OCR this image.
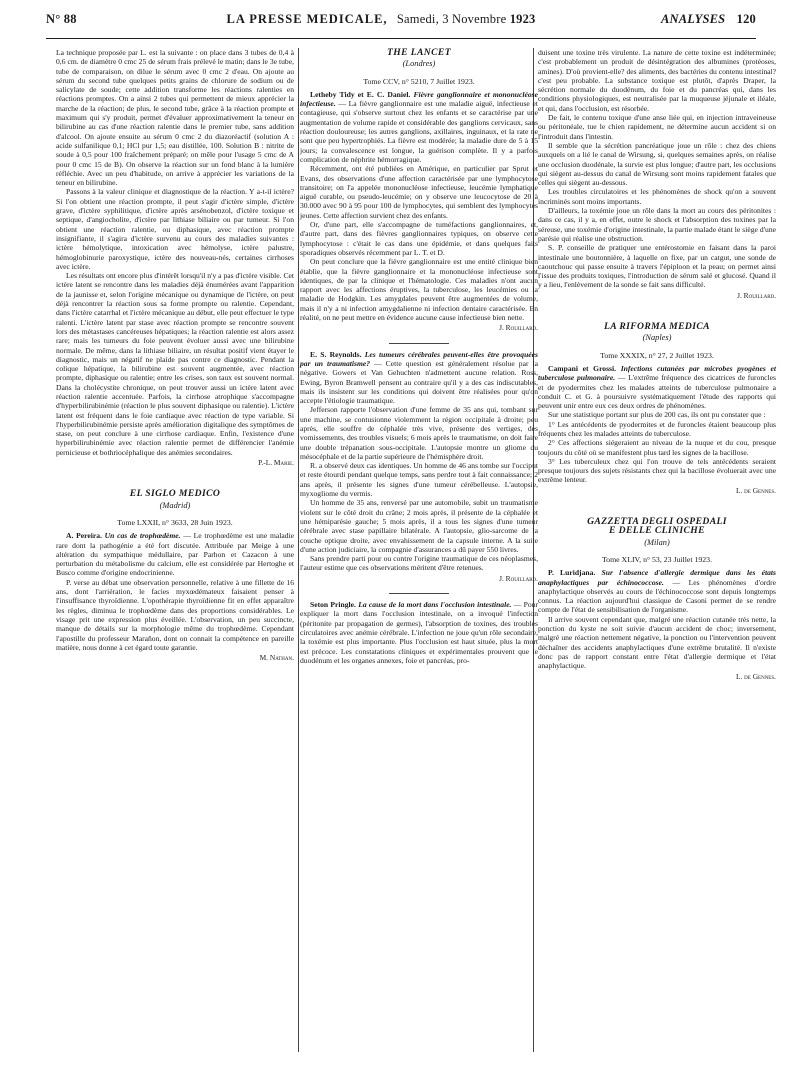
N° 88	LA PRESSE MEDICALE, Samedi, 3 Novembre 1923	ANALYSES 120

La technique proposée par L. est la suivante : on place dans 3 tubes de 0,4 à 0,6 cm. de diamètre 0 cmc 25 de sérum frais prélevé le matin; dans le 3e tube, tube de comparaison, on dilue le sérum avec 0 cmc 2 d'eau. On ajoute au sérum du second tube quelques petits grains de chlorure de sodium ou de salicylate de soude; cette addition transforme les réactions ralenties en réactions promptes. On a ainsi 2 tubes qui permettent de mieux apprécier la marche de la réaction; de plus, le second tube, grâce à la réaction prompte et maximum qui s'y produit, permet d'évaluer approximativement la teneur en bilirubine au cas d'une réaction ralentie dans le premier tube, sans addition d'alcool. On ajoute ensuite au sérum 0 cmc 2 du diazoréactif (solution A : acide sulfanilique 0,1; HCl pur 1,5; eau distillée, 100. Solution B : nitrite de soude à 0,5 pour 100 fraîchement préparé; on mêle pour l'usage 5 cmc de A pour 0 cmc 15 de B). On observe la réaction sur un fond blanc à la lumière réfléchie. Avec un peu d'habitude, on arrive à apprécier les variations de la teneur en bilirubine.

Passons à la valeur clinique et diagnostique de la réaction. Y a-t-il ictère? Si l'on obtient une réaction prompte, il peut s'agir d'ictère simple, d'ictère grave, d'ictère syphilitique, d'ictère après arsénobenzol, d'ictère toxique et septique, d'angiocholite, d'ictère par lithiase biliaire ou par tumeur. Si l'on obtient une réaction ralentie, ou diphasique, avec réaction prompte insignifiante, il s'agira d'ictère survenu au cours des maladies suivantes : ictère hémolytique, intoxication avec hémolyse, ictère palustre, hémoglobinurie paroxystique, ictère des nouveau-nés, certaines cirrhoses avec ictère.

Les résultats ont encore plus d'intérêt lorsqu'il n'y a pas d'ictère visible. Cet ictère latent se rencontre dans les maladies déjà énumérées avant l'apparition de la jaunisse et, selon l'origine mécanique ou dynamique de l'ictère, on peut déjà rencontrer la réaction sous sa forme prompte ou ralentie. Cependant, dans l'ictère catarrhal et l'ictère mécanique au début, elle peut effectuer le type ralenti. L'ictère latent par stase avec réaction prompte se rencontre souvent lors des métastases cancéreuses hépatiques; la réaction ralentie est alors assez rare; mais les tumeurs du foie peuvent évoluer aussi avec une bilirubine normale. De même, dans la lithiase biliaire, un résultat positif vient étayer le diagnostic, mais un négatif ne plaide pas contre ce diagnostic. Pendant la colique hépatique, la bilirubine est souvent augmentée, avec réaction prompte, diphasique ou ralentie; entre les crises, son taux est souvent normal. Dans la cholécystite chronique, on peut trouver aussi un ictère latent avec réaction ralentie accentuée. Parfois, la cirrhose atrophique s'accompagne d'hyperbilirubinémie (réaction le plus souvent diphasique ou ralentie). L'ictère latent est fréquent dans le foie cardiaque avec réaction de type variable. Si l'hyperbilirubinémie persiste après amélioration digitalique des symptômes de stase, on peut conclure à une cirrhose cardiaque. Enfin, l'existence d'une hyperbilirubinémie avec réaction ralentie permet de différencier l'anémie pernicieuse et bothriocéphalique des anémies secondaires.

P.-L. Marie.
EL SIGLO MEDICO
(Madrid)
Tome LXXII, n° 3633, 28 Juin 1923.

A. Pereira. Un cas de trophœdème. — Le trophœdème est une maladie rare dont la pathogénie a été fort discutée. Attribuée par Meige à une altération du sympathique médullaire, par Parhon et Cazacon à une perturbation du métabolisme du calcium, elle est considérée par Hertoghe et Busco comme d'origine endocrinienne.

P. verse au débat une observation personnelle, relative à une fillette de 16 ans, dont l'arriération, le facies myxœdémateux faisaient penser à l'insuffisance thyroïdienne. L'opothérapie thyroïdienne fit en effet apparaître les règles, diminua le trophœdème dans des proportions considérables. Le visage prit une expression plus éveillée. L'observation, un peu succincte, manque de détails sur la morphologie même du trophœdème. Cependant l'apostille du professeur Marañon, dont on connait la compétence en pareille matière, nous donne à cet égard toute garantie.

M. Nathan.
THE LANCET
(Londres)
Tome CCV, n° 5210, 7 Juillet 1923.

Letheby Tidy et E. C. Daniel. Fièvre ganglionnaire et mononucléose infectieuse. — La fièvre ganglionnaire est une maladie aiguë, infectieuse et contagieuse, qui s'observe surtout chez les enfants et se caractérise par une augmentation de volume rapide et considérable des ganglions cervicaux, sans réaction douloureuse; les autres ganglions, axillaires, inguinaux, et la rate ne sont que peu hypertrophiés. La fièvre est modérée; la maladie dure de 5 à 15 jours; la convalescence est longue, la guérison complète. Il y a parfois complication de néphrite hémorragique.

Récemment, ont été publiées en Amérique, en particulier par Sprut et Evans, des observations d'une affection caractérisée par une lymphocytose transitoire; on l'a appelée mononucléose infectieuse, leucémie lymphatique aiguë curable, ou pseudo-leucémie; on y observe une leucocytose de 20 à 30.000 avec 90 à 95 pour 100 de lymphocytes, qui semblent des lymphocytes jeunes. Cette affection survient chez des enfants.

Or, d'une part, elle s'accompagne de tuméfactions ganglionnaires, et, d'autre part, dans des fièvres ganglionnaires typiques, on observe cette lymphocytose : c'était le cas dans une épidémie, et dans quelques faits sporadiques observés récemment par L. T. et D.

On peut conclure que la fièvre ganglionnaire est une entité clinique bien établie, que la fièvre ganglionnaire et la mononucléose infectieuse sont identiques, de par la clinique et l'hématologie. Ces maladies n'ont aucun rapport avec les affections éruptives, la tuberculose, les leucémies ou la maladie de Hodgkin. Les amygdales peuvent être augmentées de volume, mais il n'y a ni infection amygdalienne ni infection dentaire caractérisée. En réalité, on ne peut mettre en évidence aucune cause infectieuse bien nette.

J. Rouillard.

E. S. Reynolds. Les tumeurs cérébrales peuvent-elles être provoquées par un traumatisme? — Cette question est généralement résolue par la négative. Gowers et Van Gehuchten n'admettent aucune relation. Ross, Ewing, Byron Bramwell pensent au contraire qu'il y a des cas indiscutables, mais ils insistent sur les conditions qui doivent être réalisées pour qu'on accepte l'étiologie traumatique.

Jefferson rapporte l'observation d'une femme de 35 ans qui, tombant sur une machine, se contusionne violemment la région occipitale à droite; peu après, elle souffre de céphalée très vive, présente des vertiges, des vomissements, des troubles visuels; 6 mois après le traumatisme, on doit faire une double trépanation sous-occipitale. L'autopsie montre un gliome du mésocéphale et de la partie supérieure de l'hémisphère droit.

R. a observé deux cas identiques. Un homme de 46 ans tombe sur l'occiput et reste étourdi pendant quelque temps, sans perdre tout à fait connaissance; 2 ans après, il présente les signes d'une tumeur cérébelleuse. L'autopsie, myxogliome du vermis.

Un homme de 35 ans, renversé par une automobile, subit un traumatisme violent sur le côté droit du crâne; 2 mois après, il présente de la céphalée et une hémiparésie gauche; 5 mois après, il a tous les signes d'une tumeur cérébrale avec stase papillaire bilatérale. A l'autopsie, glio-sarcome de la couche optique droite, avec envahissement de la capsule interne. A la suite d'une action judiciaire, la compagnie d'assurances a dû payer 550 livres.

Sans prendre parti pour ou contre l'origine traumatique de ces néoplasmes, l'auteur estime que ces observations méritent d'être retenues.

J. Rouillard.

Seton Pringle. La cause de la mort dans l'occlusion intestinale. — Pour expliquer la mort dans l'occlusion intestinale, on a invoqué l'infection (péritonite par propagation de germes), l'absorption de toxines, des troubles circulatoires avec anémie cérébrale. L'infection ne joue qu'un rôle secondaire, la toxémie est plus importante. Plus l'occlusion est haut située, plus la mort est précoce. Les constatations cliniques et expérimentales prouvent que le duodénum et les organes annexes, foie et pancréas, pro-

duisent une toxine très virulente. La nature de cette toxine est indéterminée; c'est probablement un produit de désintégration des albumines (protéoses, amines). D'où provient-elle? des aliments, des bactéries du contenu intestinal? c'est peu probable. La substance toxique est plutôt, d'après Draper, la sécrétion normale du duodénum, du foie et du pancréas qui, dans les conditions physiologiques, est neutralisée par la muqueuse jéjunale et iléale, et qui, dans l'occlusion, est résorbée.

De fait, le contenu toxique d'une anse liée qui, en injection intraveineuse ou péritonéale, tue le chien rapidement, ne détermine aucun accident si on l'introduit dans l'intestin.

Il semble que la sécrétion pancréatique joue un rôle : chez des chiens auxquels on a lié le canal de Wirsung, si, quelques semaines après, on réalise une occlusion duodénale, la survie est plus longue; d'autre part, les occlusions qui siègent au-dessus du canal de Wirsung sont moins rapidement fatales que celles qui siègent au-dessous.

Les troubles circulatoires et les phénomènes de shock qu'on a souvent incriminés sont moins importants.

D'ailleurs, la toxémie joue un rôle dans la mort au cours des péritonites : dans ce cas, il y a, en effet, outre le shock et l'absorption des toxines par la séreuse, une toxémie d'origine intestinale, la partie malade étant le siège d'une parésie qui réalise une obstruction.

S. P. conseille de pratiquer une entérostomie en faisant dans la paroi intestinale une boutonnière, à laquelle on fixe, par un catgut, une sonde de caoutchouc qui passe ensuite à travers l'épiploon et la peau; on permet ainsi l'issue des produits toxiques, l'introduction de sérum salé et glucosé. Quand il y a lieu, l'enlèvement de la sonde se fait sans difficulté.

J. Rouillard.
LA RIFORMA MEDICA
(Naples)
Tome XXXIX, n° 27, 2 Juillet 1923.

Campani et Grossi. Infections cutanées par microbes pyogènes et tuberculose pulmonaire. — L'extrême fréquence des cicatrices de furoncles et de pyodermites chez les malades atteints de tuberculose pulmonaire a conduit C. et G. à poursuivre systématiquement l'étude des rapports qui peuvent unir entre eux ces deux ordres de phénomènes.

Sur une statistique portant sur plus de 200 cas, ils ont pu constater que :

1° Les antécédents de pyodermites et de furoncles étaient beaucoup plus fréquents chez les malades atteints de tuberculose.

2° Ces affections siégeraient au niveau de la nuque et du cou, presque toujours du côté où se manifestent plus tard les signes de la bacillose.

3° Les tuberculeux chez qui l'on trouve de tels antécédents seraient presque toujours des sujets résistants chez qui la bacillose évoluerait avec une extrême lenteur.

L. de Gennes.
GAZZETTA DEGLI OSPEDALI
E DELLE CLINICHE
(Milan)
Tome XLIV, n° 53, 23 Juillet 1923.

P. Luridjana. Sur l'absence d'allergie dermique dans les états anaphylactiques par échinococcose. — Les phénomènes d'ordre anaphylactique observés au cours de l'échinococcose sont depuis longtemps connus. La réaction aujourd'hui classique de Casoni permet de se rendre compte de l'état de sensibilisation de l'organisme.

Il arrive souvent cependant que, malgré une réaction cutanée très nette, la ponction du kyste ne soit suivie d'aucun accident de choc; inversement, malgré une réaction nettement négative, la ponction ou l'intervention peuvent déchaîner des accidents anaphylactiques d'une extrême brutalité. Il n'existe donc pas de rapport constant entre l'état d'allergie dermique et l'état anaphylactique.

L. de Gennes.
